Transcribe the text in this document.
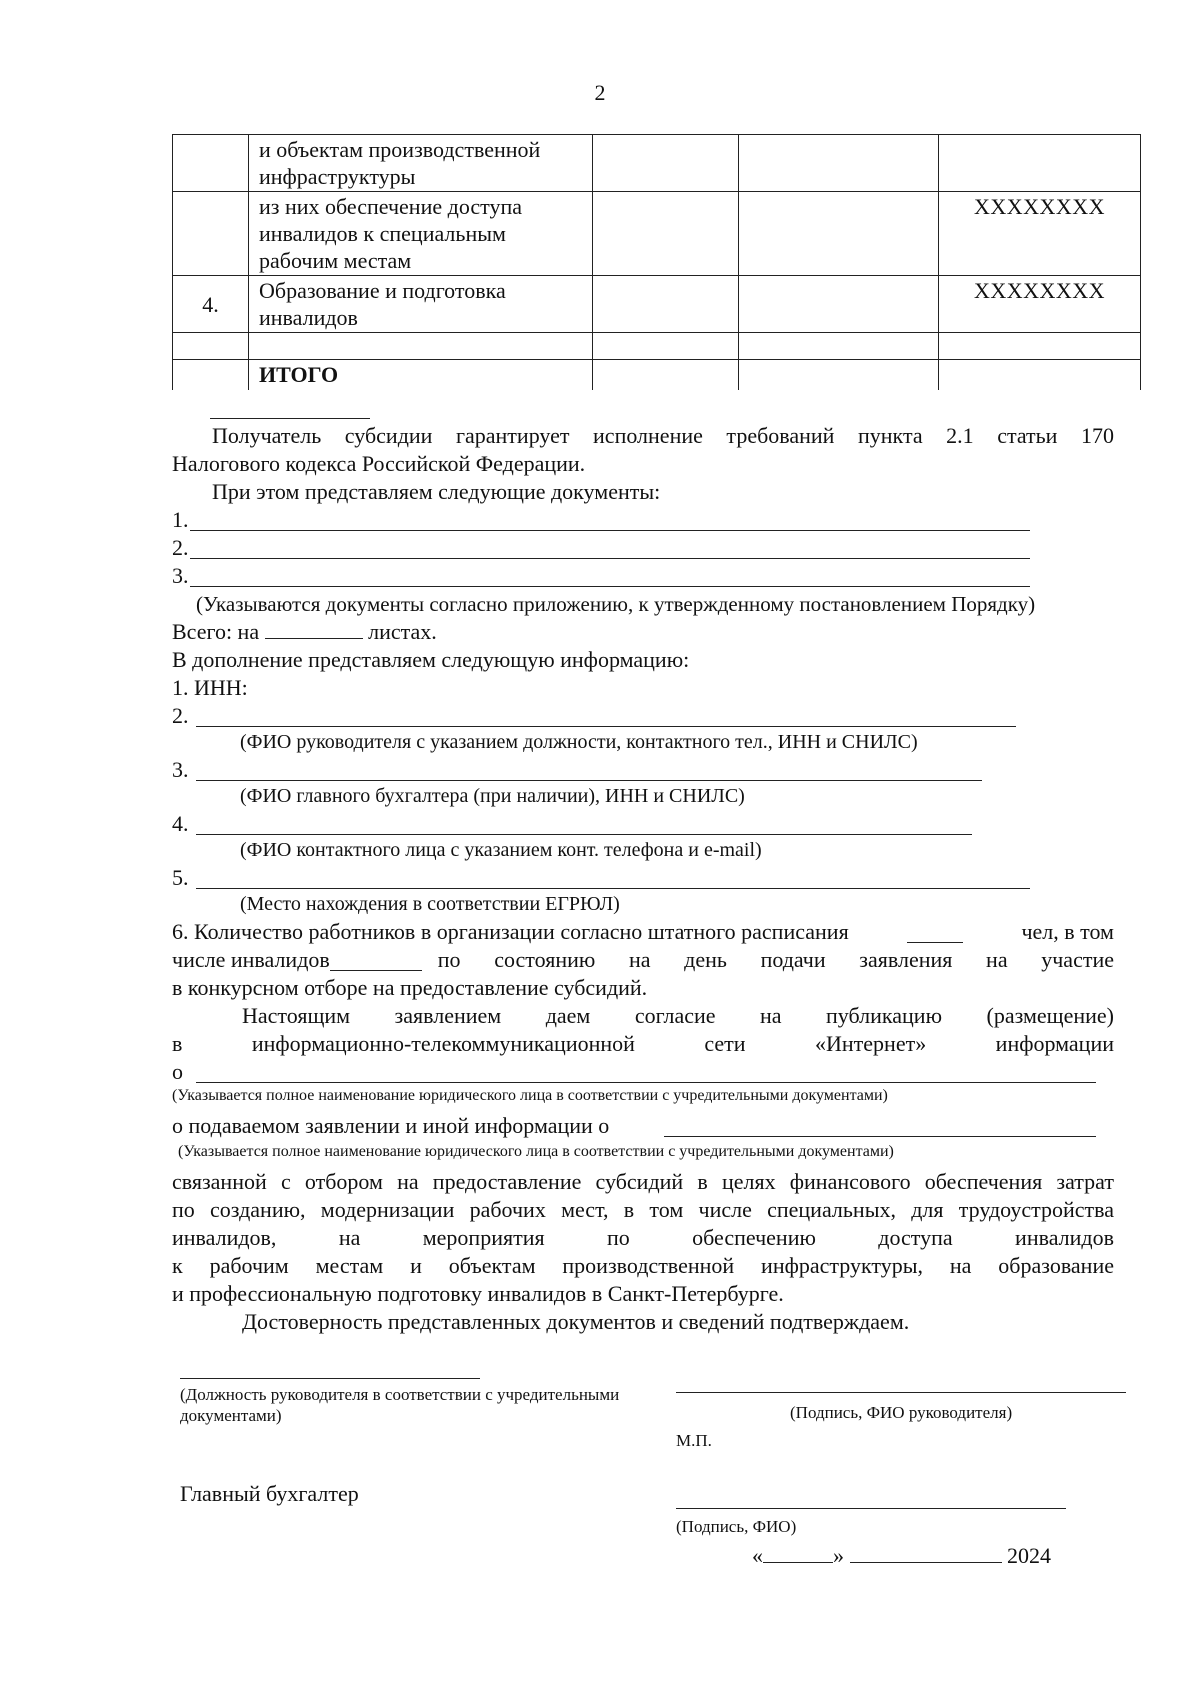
2
	и объектам производственной инфраструктуры			
	из них обеспечение доступа инвалидов к специальным рабочим местам			XXXXXXXX
4.	Образование и подготовка инвалидов			XXXXXXXX

	ИТОГО			
Получатель субсидии гарантирует исполнение требований пункта 2.1 статьи 170
Налогового кодекса Российской Федерации.
При этом представляем следующие документы:
1.
2.
3.
(Указываются документы согласно приложению, к утвержденному постановлением Порядку)
Всего: на	листах.
В дополнение представляем следующую информацию:
1. ИНН:
2.
(ФИО руководителя с указанием должности, контактного тел., ИНН и СНИЛС)
3.
(ФИО главного бухгалтера (при наличии), ИНН и СНИЛС)
4.
(ФИО контактного лица с указанием конт. телефона и e-mail)
5.
(Место нахождения в соответствии ЕГРЮЛ)
6. Количество работников в организации согласно штатного расписания	чел, в том
числе инвалидов	по состоянию на день подачи заявления на участие
в конкурсном отборе на предоставление субсидий.
Настоящим заявлением даем согласие на публикацию (размещение)
в	информационно-телекоммуникационной	сети	«Интернет»	информации
о
(Указывается полное наименование юридического лица в соответствии с учредительными документами)
о подаваемом заявлении и иной информации о
(Указывается полное наименование юридического лица в соответствии с учредительными документами)
связанной с отбором на предоставление субсидий в целях финансового обеспечения затрат
по созданию, модернизации рабочих мест, в том числе специальных, для трудоустройства
инвалидов,	на	мероприятия	по	обеспечению	доступа	инвалидов
к рабочим местам и объектам производственной инфраструктуры, на образование
и профессиональную подготовку инвалидов в Санкт-Петербурге.
Достоверность представленных документов и сведений подтверждаем.
(Должность руководителя в соответствии с учредительными документами)	(Подпись, ФИО руководителя)
М.П.
Главный бухгалтер
(Подпись, ФИО)
«	»	2024
